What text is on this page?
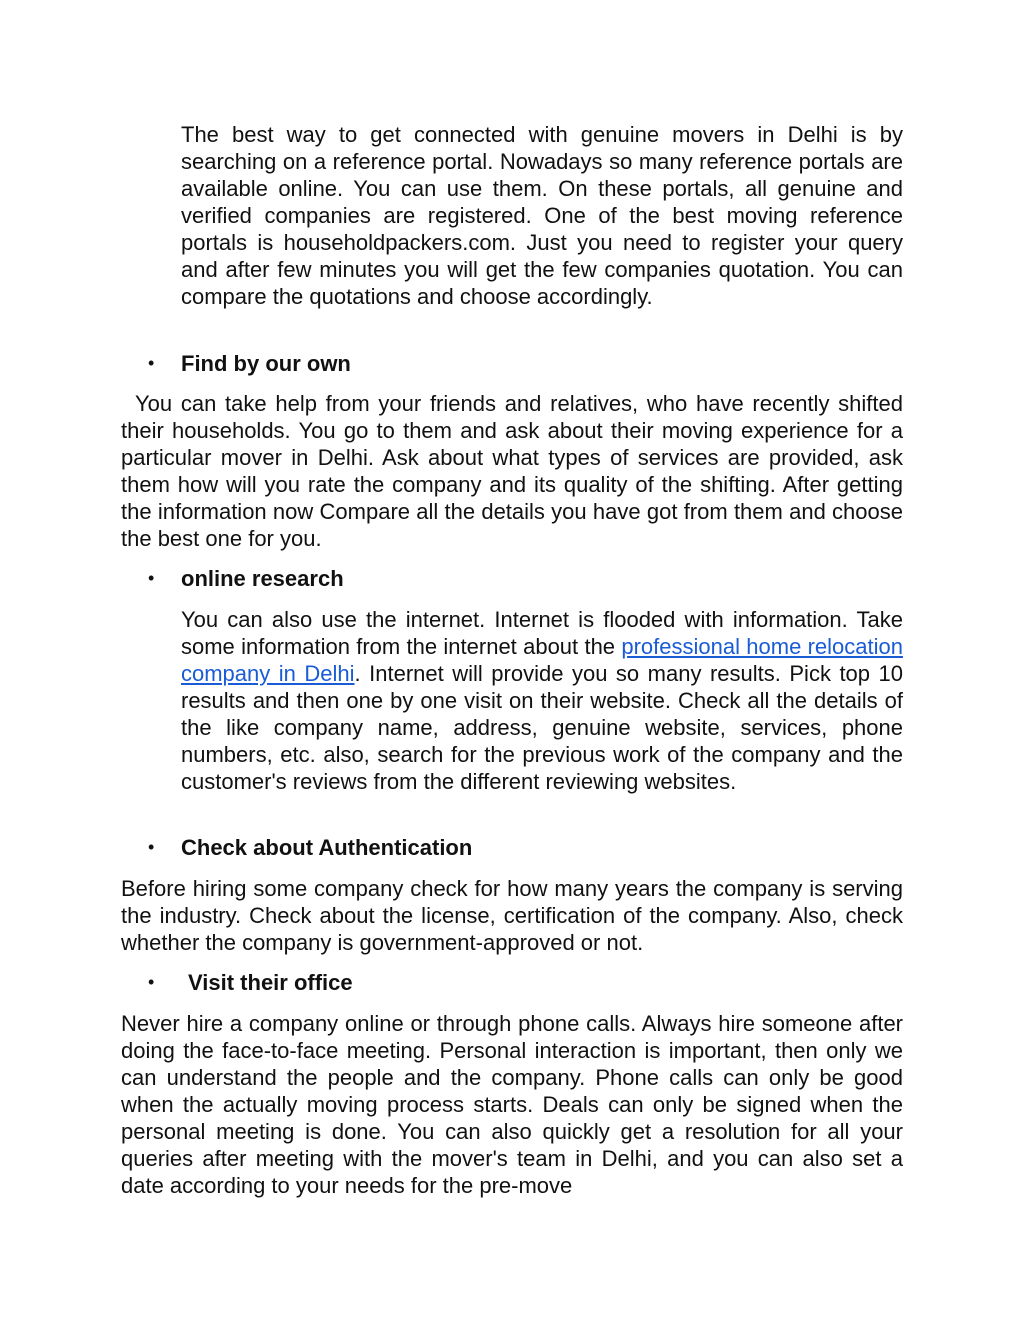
The best way to get connected with genuine movers in Delhi is by searching on a reference portal. Nowadays so many reference portals are available online. You can use them. On these portals, all genuine and verified companies are registered. One of the best moving reference portals is householdpackers.com. Just you need to register your query and after few minutes you will get the few companies quotation. You can compare the quotations and choose accordingly.

• Find by our own

You can take help from your friends and relatives, who have recently shifted their households. You go to them and ask about their moving experience for a particular mover in Delhi. Ask about what types of services are provided, ask them how will you rate the company and its quality of the shifting. After getting the information now Compare all the details you have got from them and choose the best one for you.

• online research

You can also use the internet. Internet is flooded with information. Take some information from the internet about the professional home relocation company in Delhi. Internet will provide you so many results. Pick top 10 results and then one by one visit on their website. Check all the details of the like company name, address, genuine website, services, phone numbers, etc. also, search for the previous work of the company and the customer's reviews from the different reviewing websites.

• Check about Authentication

Before hiring some company check for how many years the company is serving the industry. Check about the license, certification of the company. Also, check whether the company is government-approved or not.

• Visit their office

Never hire a company online or through phone calls. Always hire someone after doing the face-to-face meeting. Personal interaction is important, then only we can understand the people and the company. Phone calls can only be good when the actually moving process starts. Deals can only be signed when the personal meeting is done. You can also quickly get a resolution for all your queries after meeting with the mover's team in Delhi, and you can also set a date according to your needs for the pre-move
